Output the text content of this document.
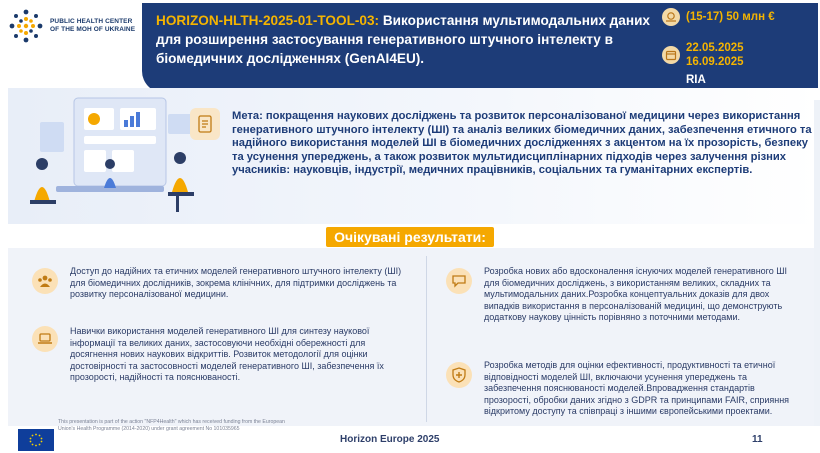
PUBLIC HEALTH CENTER
OF THE MOH OF UKRAINE
HORIZON-HLTH-2025-01-TOOL-03: Використання мультимодальних даних для розширення застосування генеративного штучного інтелекту в біомедичних дослідженнях (GenAI4EU).
(15-17) 50 млн €
22.05.2025
16.09.2025
RIA
Мета: покращення наукових досліджень та розвиток персоналізованої медицини через використання генеративного штучного інтелекту (ШІ) та аналіз великих біомедичних даних, забезпечення етичного та надійного використання моделей ШІ в біомедичних дослідженнях з акцентом на їх прозорість, безпеку та усунення упереджень, а також розвиток мультидисциплінарних підходів через залучення різних учасників: науковців, індустрії, медичних працівників, соціальних та гуманітарних експертів.
Очікувані результати:
Доступ до надійних та етичних моделей генеративного штучного інтелекту (ШІ) для біомедичних дослідників, зокрема клінічних, для підтримки досліджень та розвитку персоналізованої медицини.
Навички використання моделей генеративного ШІ для синтезу наукової інформації та великих даних, застосовуючи необхідні обережності для досягнення нових наукових відкриттів. Розвиток методології для оцінки достовірності та застосовності моделей генеративного ШІ, забезпечення їх прозорості, надійності та пояснюваності.
Розробка нових або вдосконалення існуючих моделей генеративного ШІ для біомедичних досліджень, з використанням великих, складних та мультимодальних даних.Розробка концептуальних доказів для двох випадків використання в персоналізованій медицині, що демонструють додаткову наукову цінність порівняно з поточними методами.
Розробка методів для оцінки ефективності, продуктивності та етичної відповідності моделей ШІ, включаючи усунення упереджень та забезпечення пояснюваності моделей.Впровадження стандартів прозорості, обробки даних згідно з GDPR та принципами FAIR, сприяння відкритому доступу та співпраці з іншими європейськими проектами.
This presentation is part of the action "NFP4Health" which has received funding from the European Union's Health Programme (2014-2020) under grant agreement No 101035965
Horizon Europe 2025	11
